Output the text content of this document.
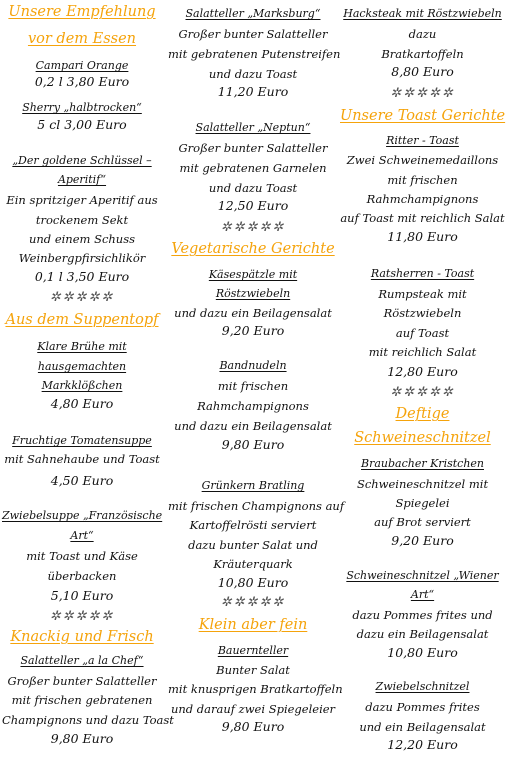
Unsere Empfehlung
vor dem Essen
Campari Orange
0,2 l 3,80 Euro
Sherry „halbtrocken“
5 cl 3,00 Euro
„Der goldene Schlüssel –
Aperitif“
Ein spritziger Aperitif aus
trockenem Sekt
und einem Schuss
Weinbergpfirsichlikör
0,1 l 3,50 Euro
✲✲✲✲✲
Aus dem Suppentopf
Klare Brühe mit
hausgemachten
Markklößchen
4,80 Euro
Fruchtige Tomatensuppe
mit Sahnehaube und Toast
4,50 Euro
Zwiebelsuppe „Französische
Art“
mit Toast und Käse
überbacken
5,10 Euro
✲✲✲✲✲
Knackig und Frisch
Salatteller „a la Chef“
Großer bunter Salatteller
mit frischen gebratenen
Champignons und dazu Toast
9,80 Euro
Salatteller „Marksburg“
Großer bunter Salatteller
mit gebratenen Putenstreifen
und dazu Toast
11,20 Euro
Salatteller „Neptun“
Großer bunter Salatteller
mit gebratenen Garnelen
und dazu Toast
12,50 Euro
✲✲✲✲✲
Vegetarische Gerichte
Käsespätzle mit
Röstzwiebeln
und dazu ein Beilagensalat
9,20 Euro
Bandnudeln
mit frischen
Rahmchampignons
und dazu ein Beilagensalat
9,80 Euro
Grünkern Bratling
mit frischen Champignons auf
Kartoffelrösti serviert
dazu bunter Salat und
Kräuterquark
10,80 Euro
✲✲✲✲✲
Klein aber fein
Bauernteller
Bunter Salat
mit knusprigen Bratkartoffeln
und darauf zwei Spiegeleier
9,80 Euro
Hacksteak mit Röstzwiebeln
dazu
Bratkartoffeln
8,80 Euro
✲✲✲✲✲
Unsere Toast Gerichte
Ritter - Toast
Zwei Schweinemedaillons
mit frischen
Rahmchampignons
auf Toast mit reichlich Salat
11,80 Euro
Ratsherren - Toast
Rumpsteak mit
Röstzwiebeln
auf Toast
mit reichlich Salat
12,80 Euro
✲✲✲✲✲
Deftige
Schweineschnitzel
Braubacher Kristchen
Schweineschnitzel mit
Spiegelei
auf Brot serviert
9,20 Euro
Schweineschnitzel „Wiener
Art“
dazu Pommes frites und
dazu ein Beilagensalat
10,80 Euro
Zwiebelschnitzel
dazu Pommes frites
und ein Beilagensalat
12,20 Euro
